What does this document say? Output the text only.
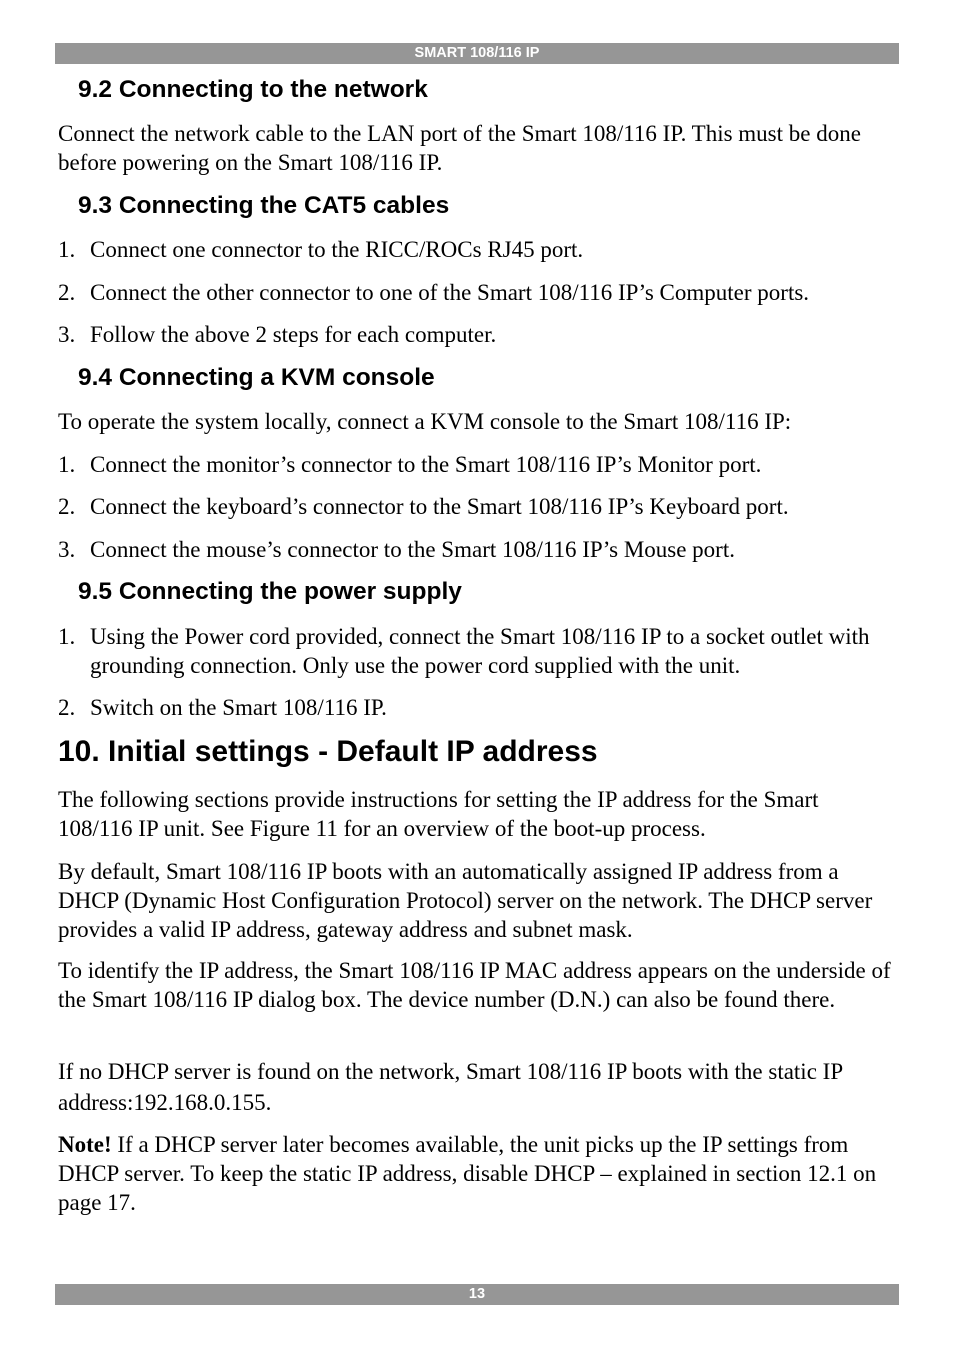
SMART 108/116 IP
9.2 Connecting to the network
Connect the network cable to the LAN port of the Smart 108/116 IP. This must be done before powering on the Smart 108/116 IP.
9.3 Connecting the CAT5 cables
1. Connect one connector to the RICC/ROCs RJ45 port.
2. Connect the other connector to one of the Smart 108/116 IP’s Computer ports.
3. Follow the above 2 steps for each computer.
9.4 Connecting a KVM console
To operate the system locally, connect a KVM console to the Smart 108/116 IP:
1. Connect the monitor’s connector to the Smart 108/116 IP’s Monitor port.
2. Connect the keyboard’s connector to the Smart 108/116 IP’s Keyboard port.
3. Connect the mouse’s connector to the Smart 108/116 IP’s Mouse port.
9.5 Connecting the power supply
1. Using the Power cord provided, connect the Smart 108/116 IP to a socket outlet with grounding connection. Only use the power cord supplied with the unit.
2. Switch on the Smart 108/116 IP.
10. Initial settings - Default IP address
The following sections provide instructions for setting the IP address for the Smart 108/116 IP unit. See Figure 11 for an overview of the boot-up process.
By default, Smart 108/116 IP boots with an automatically assigned IP address from a DHCP (Dynamic Host Configuration Protocol) server on the network. The DHCP server provides a valid IP address, gateway address and subnet mask.
To identify the IP address, the Smart 108/116 IP MAC address appears on the underside of the Smart 108/116 IP dialog box. The device number (D.N.) can also be found there.
If no DHCP server is found on the network, Smart 108/116 IP boots with the static IP address:192.168.0.155.
Note! If a DHCP server later becomes available, the unit picks up the IP settings from DHCP server. To keep the static IP address, disable DHCP – explained in section 12.1 on page 17.
13
